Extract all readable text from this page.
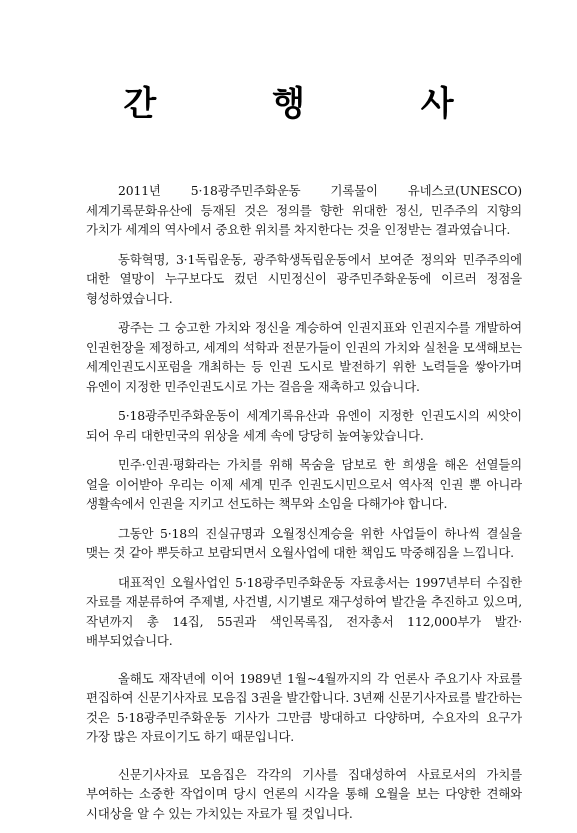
간 행 사

2011년 5·18광주민주화운동 기록물이 유네스코(UNESCO) 세계기록문화유산에 등재된 것은 정의를 향한 위대한 정신, 민주주의 지향의 가치가 세계의 역사에서 중요한 위치를 차지한다는 것을 인정받는 결과였습니다.

동학혁명, 3·1독립운동, 광주학생독립운동에서 보여준 정의와 민주주의에 대한 열망이 누구보다도 컸던 시민정신이 광주민주화운동에 이르러 정점을 형성하였습니다.

광주는 그 숭고한 가치와 정신을 계승하여 인권지표와 인권지수를 개발하여 인권헌장을 제정하고, 세계의 석학과 전문가들이 인권의 가치와 실천을 모색해보는 세계인권도시포럼을 개최하는 등 인권 도시로 발전하기 위한 노력들을 쌓아가며 유엔이 지정한 민주인권도시로 가는 걸음을 재촉하고 있습니다.

5·18광주민주화운동이 세계기록유산과 유엔이 지정한 인권도시의 씨앗이 되어 우리 대한민국의 위상을 세계 속에 당당히 높여놓았습니다.

민주·인권·평화라는 가치를 위해 목숨을 담보로 한 희생을 해온 선열들의 얼을 이어받아 우리는 이제 세계 민주 인권도시민으로서 역사적 인권 뿐 아니라 생활속에서 인권을 지키고 선도하는 책무와 소임을 다해가야 합니다.

그동안 5·18의 진실규명과 오월정신계승을 위한 사업들이 하나씩 결실을 맺는 것 같아 뿌듯하고 보람되면서 오월사업에 대한 책임도 막중해짐을 느낍니다.

대표적인 오월사업인 5·18광주민주화운동 자료총서는 1997년부터 수집한 자료를 재분류하여 주제별, 사건별, 시기별로 재구성하여 발간을 추진하고 있으며, 작년까지 총 14집, 55권과 색인목록집, 전자총서 112,000부가 발간·배부되었습니다.

올해도 재작년에 이어 1989년 1월~4월까지의 각 언론사 주요기사 자료를 편집하여 신문기사자료 모음집 3권을 발간합니다. 3년째 신문기사자료를 발간하는 것은 5·18광주민주화운동 기사가 그만큼 방대하고 다양하며, 수요자의 요구가 가장 많은 자료이기도 하기 때문입니다.

신문기사자료 모음집은 각각의 기사를 집대성하여 사료로서의 가치를 부여하는 소중한 작업이며 당시 언론의 시각을 통해 오월을 보는 다양한 견해와 시대상을 알 수 있는 가치있는 자료가 될 것입니다.
